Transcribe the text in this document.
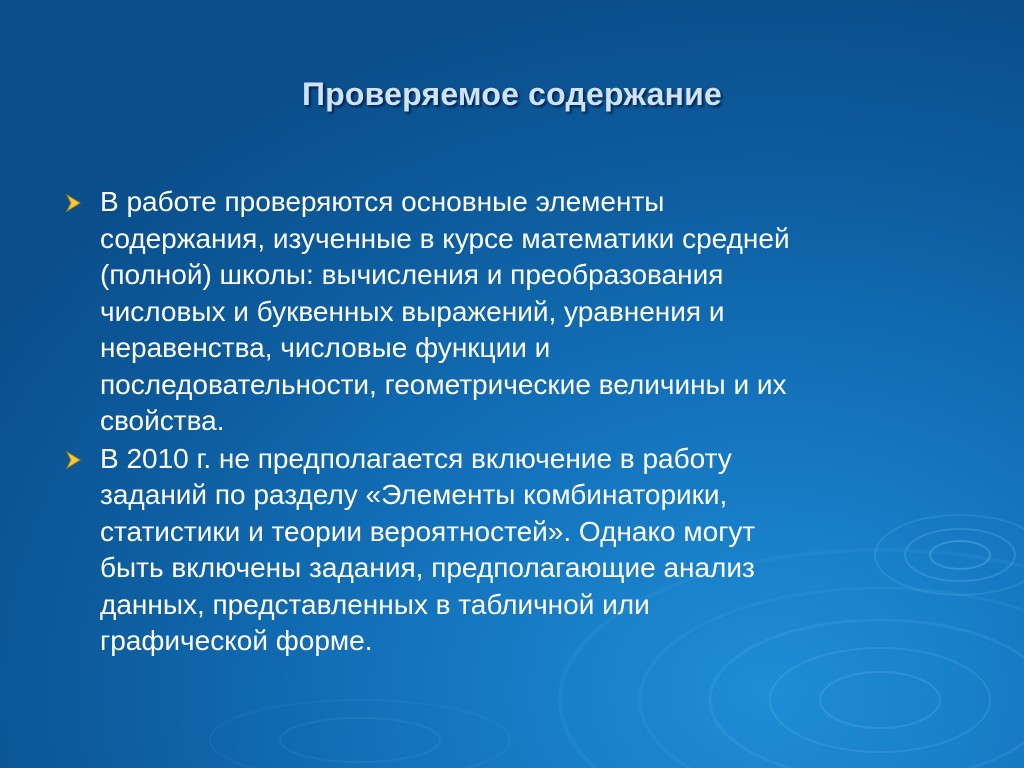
Проверяемое содержание
В работе проверяются основные элементы
содержания, изученные в курсе математики средней
(полной) школы: вычисления и преобразования
числовых и буквенных выражений, уравнения и
неравенства, числовые функции и
последовательности, геометрические величины и их
свойства.
В 2010 г. не предполагается включение в работу
заданий по разделу «Элементы комбинаторики,
статистики и теории вероятностей». Однако могут
быть включены задания, предполагающие анализ
данных, представленных в табличной или
графической форме.
